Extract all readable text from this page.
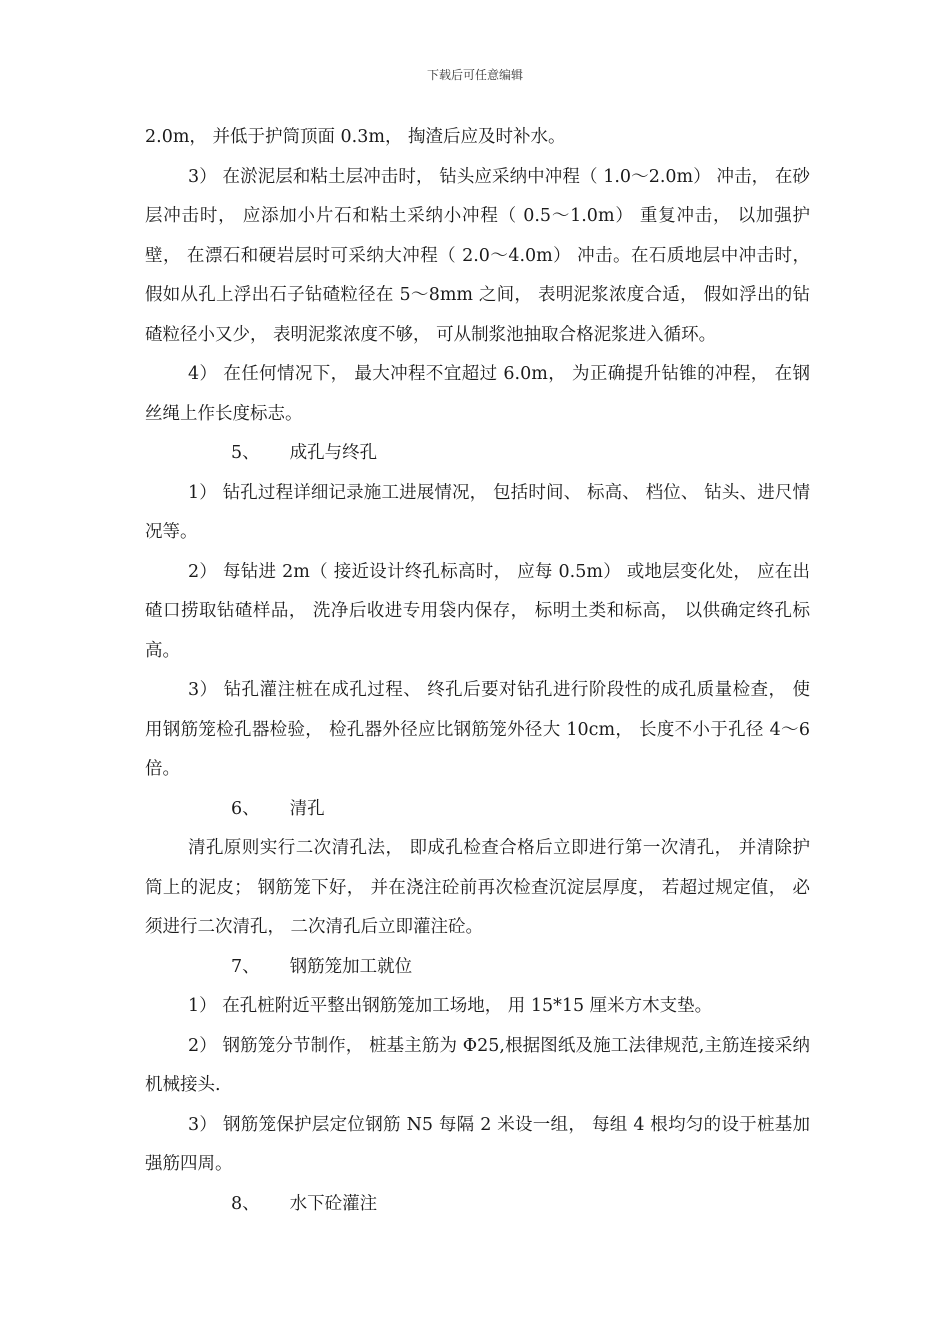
下载后可任意编辑

2.0m， 并低于护筒顶面 0.3m， 掏渣后应及时补水。

3） 在淤泥层和粘土层冲击时， 钻头应采纳中冲程（ 1.0～2.0m） 冲击， 在砂层冲击时， 应添加小片石和粘土采纳小冲程（ 0.5～1.0m） 重复冲击， 以加强护壁， 在漂石和硬岩层时可采纳大冲程（ 2.0～4.0m） 冲击。在石质地层中冲击时， 假如从孔上浮出石子钻碴粒径在 5～8mm 之间， 表明泥浆浓度合适， 假如浮出的钻碴粒径小又少， 表明泥浆浓度不够， 可从制浆池抽取合格泥浆进入循环。

4） 在任何情况下， 最大冲程不宜超过 6.0m， 为正确提升钻锥的冲程， 在钢丝绳上作长度标志。

5、 成孔与终孔

1） 钻孔过程详细记录施工进展情况， 包括时间、 标高、 档位、 钻头、进尺情况等。

2） 每钻进 2m（ 接近设计终孔标高时， 应每 0.5m） 或地层变化处， 应在出碴口捞取钻碴样品， 洗净后收进专用袋内保存， 标明土类和标高， 以供确定终孔标高。

3） 钻孔灌注桩在成孔过程、 终孔后要对钻孔进行阶段性的成孔质量检查， 使用钢筋笼检孔器检验， 检孔器外径应比钢筋笼外径大 10cm， 长度不小于孔径 4～6 倍。

6、 清孔

清孔原则实行二次清孔法， 即成孔检查合格后立即进行第一次清孔， 并清除护筒上的泥皮； 钢筋笼下好， 并在浇注砼前再次检查沉淀层厚度， 若超过规定值， 必须进行二次清孔， 二次清孔后立即灌注砼。

7、 钢筋笼加工就位

1） 在孔桩附近平整出钢筋笼加工场地， 用 15*15 厘米方木支垫。

2） 钢筋笼分节制作， 桩基主筋为 Φ25,根据图纸及施工法律规范,主筋连接采纳机械接头.

3） 钢筋笼保护层定位钢筋 N5 每隔 2 米设一组， 每组 4 根均匀的设于桩基加强筋四周。

8、 水下砼灌注
